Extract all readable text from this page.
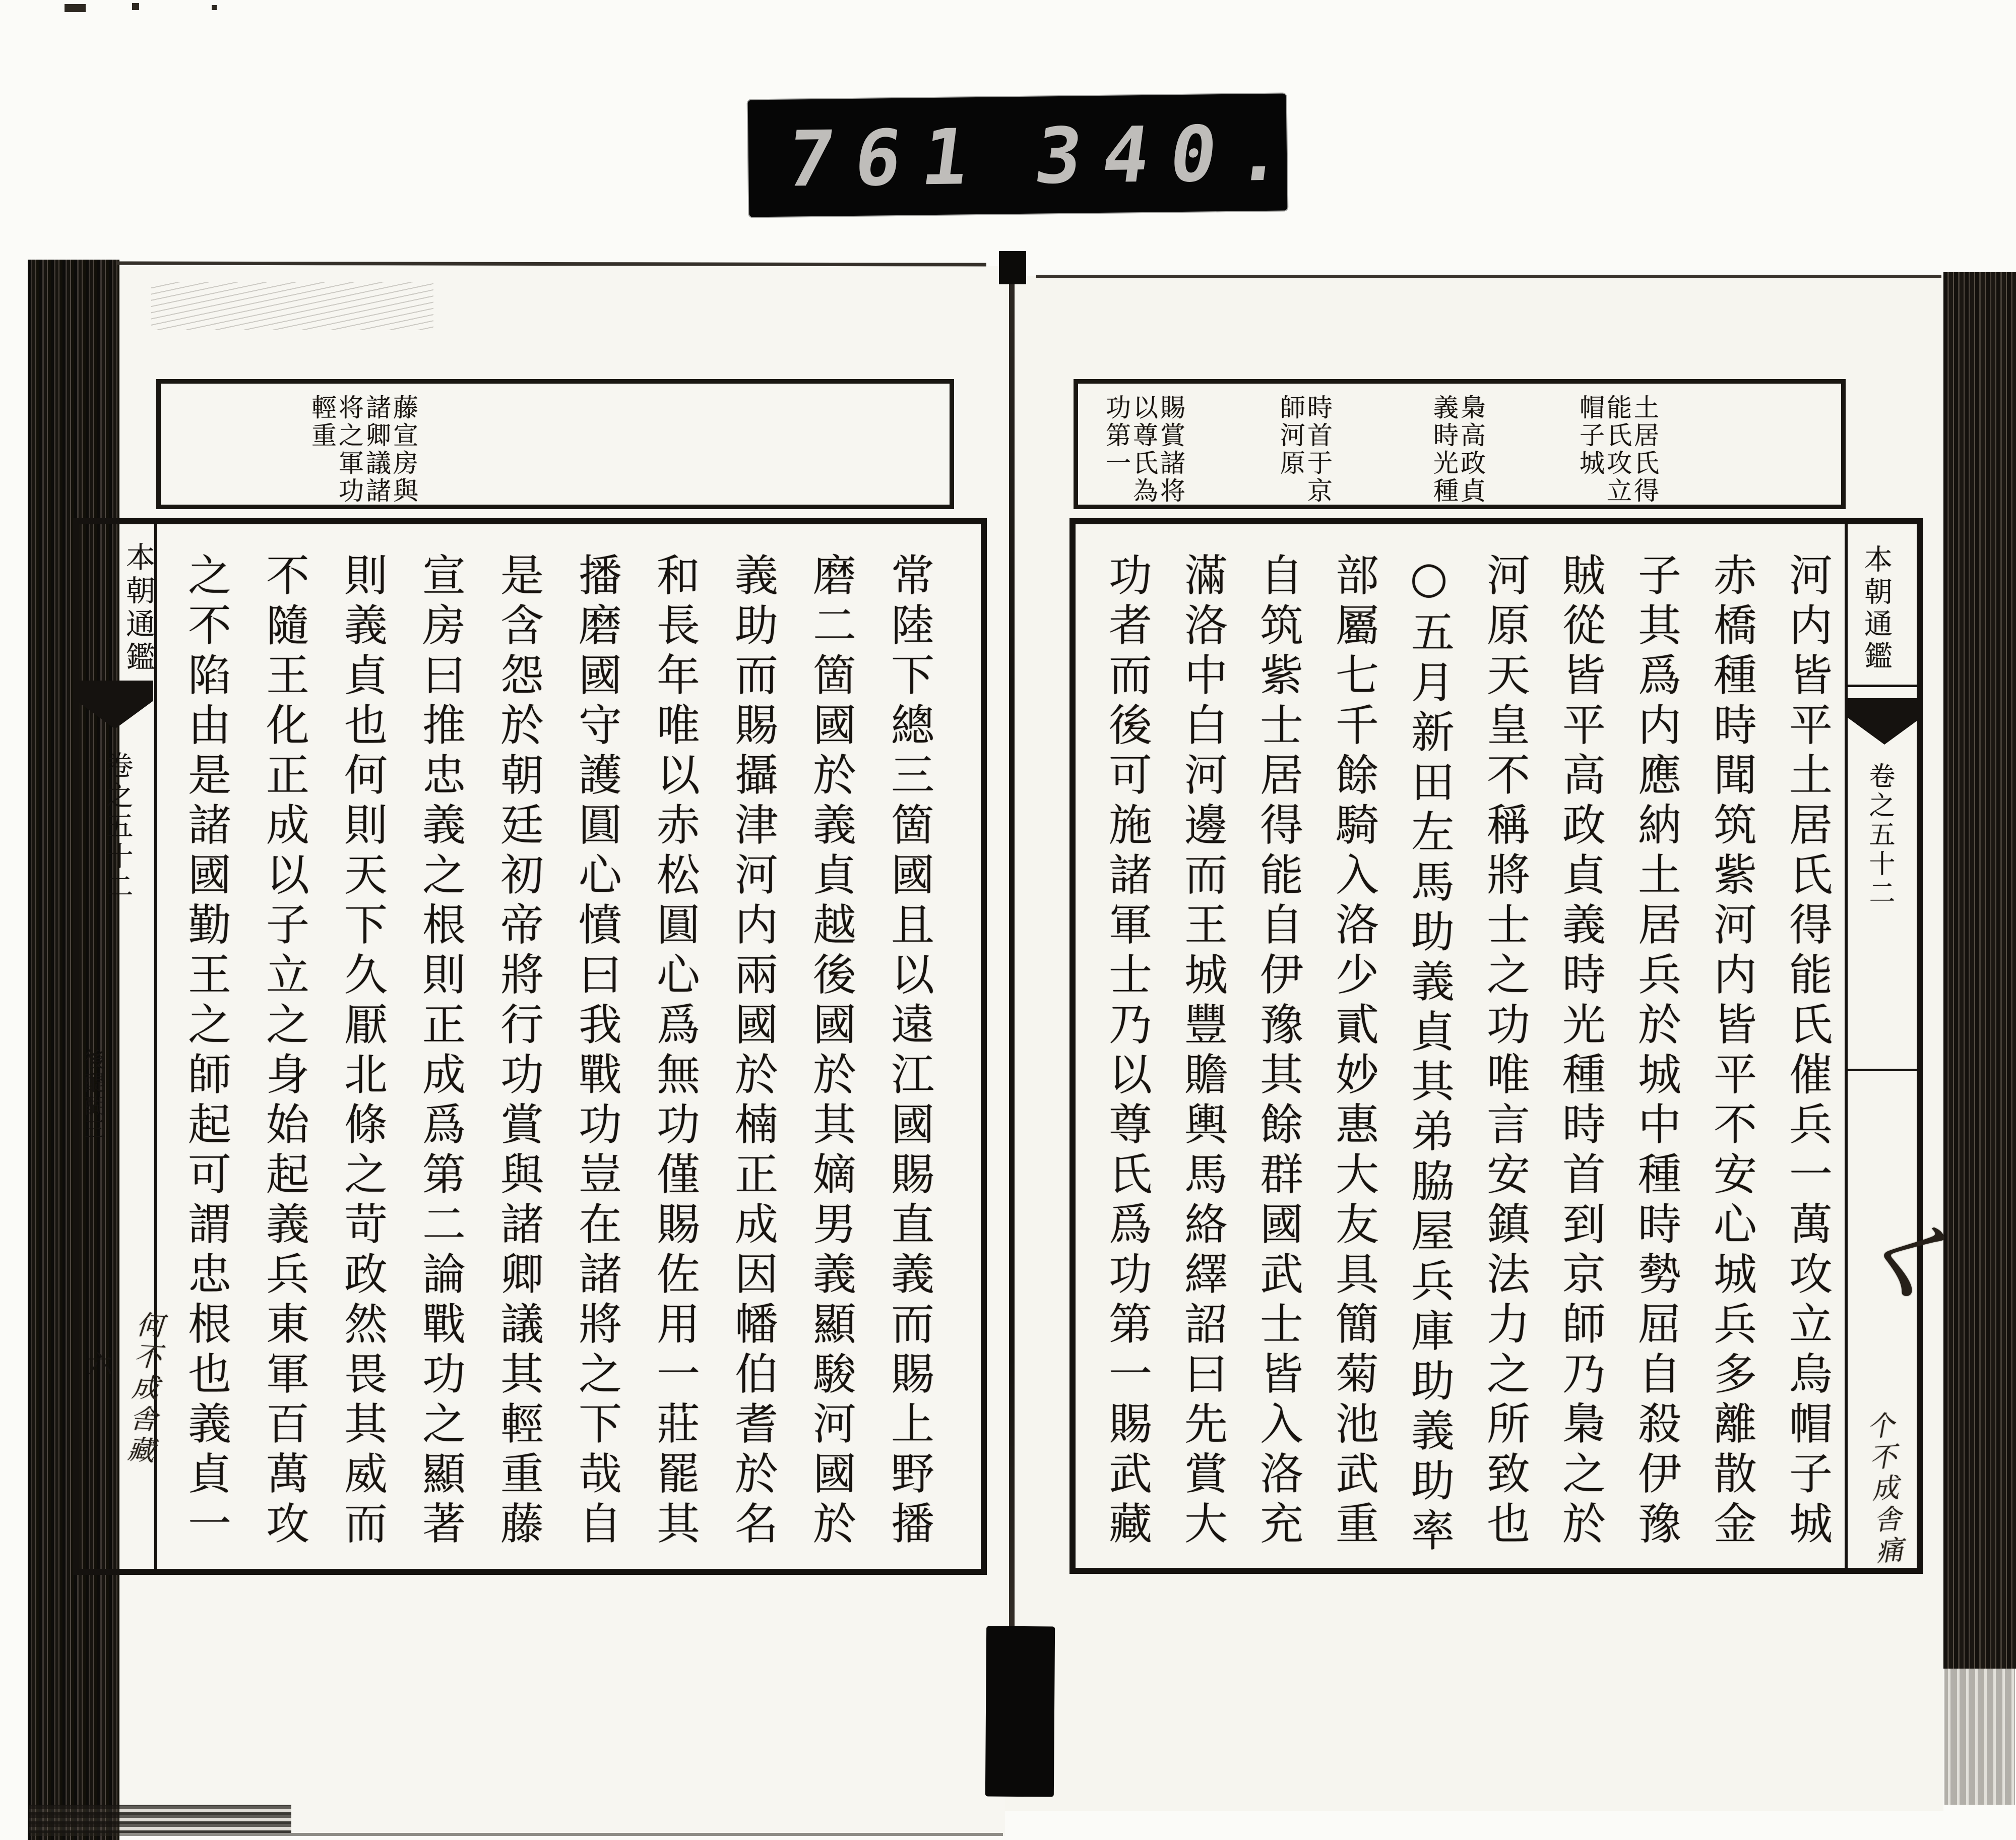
761 340.
藤宣房與
諸卿議諸
将之軍功
輕重
本朝通鑑
卷之五十二
後醍醐三
六 何不成舎藏	常陸下總三箇國且以遠江國賜直義而賜上野播
磨二箇國於義貞越後國於其嫡男義顯駿河國於
義助而賜攝津河内兩國於楠正成因幡伯耆於名
和長年唯以赤松圓心爲無功僅賜佐用一莊罷其
播磨國守護圓心憤曰我戰功豈在諸將之下哉自
是含怨於朝廷初帝將行功賞與諸卿議其輕重藤
宣房曰推忠義之根則正成爲第二論戰功之顯著
則義貞也何則天下久厭北條之苛政然畏其威而
不隨王化正成以子立之身始起義兵東軍百萬攻
之不陷由是諸國勤王之師起可謂忠根也義貞一
土居氏得
能氏攻立
帽子城
梟高政貞
義時光種
時首于京
師河原
賜賞諸将
以尊氏為
功第一
本朝通鑑
卷之五十二
く
个不成舎痛
河内皆平土居氏得能氏催兵一萬攻立烏帽子城
赤橋種時聞筑紫河内皆平不安心城兵多離散金
子其爲内應納土居兵於城中種時勢屈自殺伊豫
賊從皆平高政貞義時光種時首到京師乃梟之於
河原天皇不稱將士之功唯言安鎮法力之所致也
○五月新田左馬助義貞其弟脇屋兵庫助義助率
部屬七千餘騎入洛少貳妙惠大友具簡菊池武重
自筑紫士居得能自伊豫其餘群國武士皆入洛充
滿洛中白河邊而王城豐贍輿馬絡繹詔曰先賞大
功者而後可施諸軍士乃以尊氏爲功第一賜武藏
